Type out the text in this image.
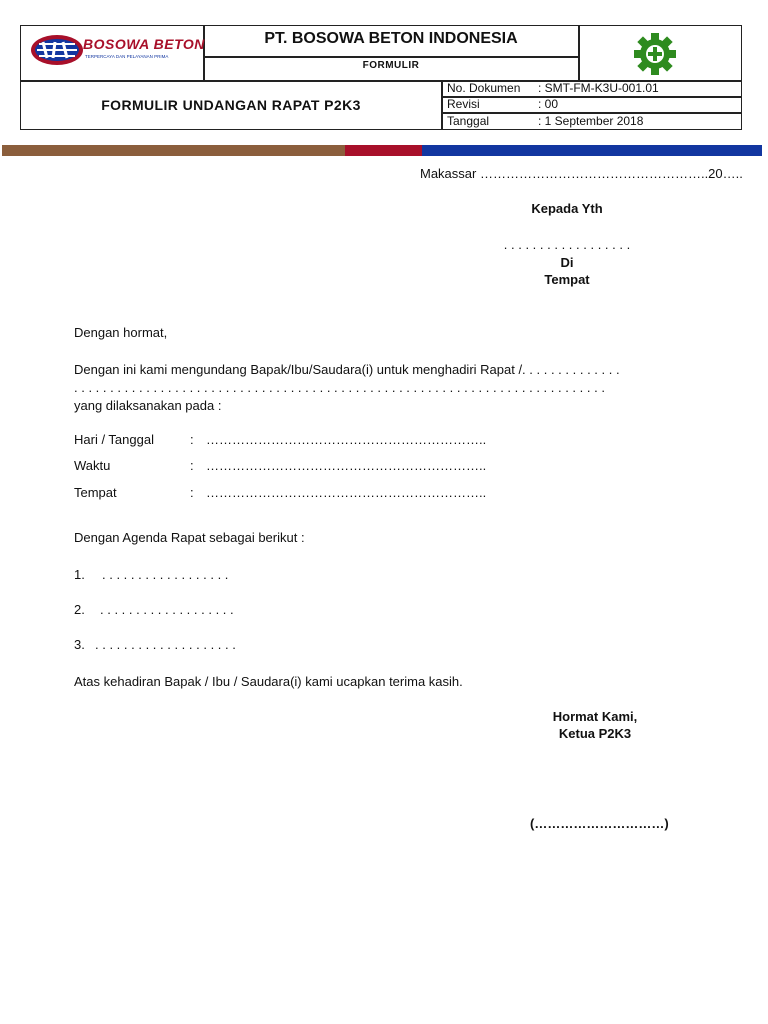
BOSOWA BETON
TERPERCAYA DAN PELAYANAN PRIMA
PT. BOSOWA BETON INDONESIA
FORMULIR
FORMULIR UNDANGAN RAPAT P2K3
No. Dokumen : SMT-FM-K3U-001.01
Revisi	: 00
Tanggal	: 1 September 2018
Makassar ……………………………………………..20…..
Kepada Yth
. . . . . . . . . . . . . . . . . .
Di
Tempat
Dengan hormat,
Dengan ini kami mengundang Bapak/Ibu/Saudara(i) untuk menghadiri Rapat /. . . . . . . . . . . . . .
. . . . . . . . . . . . . . . . . . . . . . . . . . . . . . . . . . . . . . . . . . . . . . . . . . . . . . . . . . . . . . . . . . . . . . . . . .
yang dilaksanakan pada :
Hari / Tanggal	: ………………………………………………………..
Waktu	: ………………………………………………………..
Tempat	: ………………………………………………………..
Dengan Agenda Rapat sebagai berikut :
1. . . . . . . . . . . . . . . . . . .
2. . . . . . . . . . . . . . . . . . . .
3. . . . . . . . . . . . . . . . . . . . .
Atas kehadiran Bapak / Ibu / Saudara(i) kami ucapkan terima kasih.
Hormat Kami,
Ketua P2K3
(…………………………)
